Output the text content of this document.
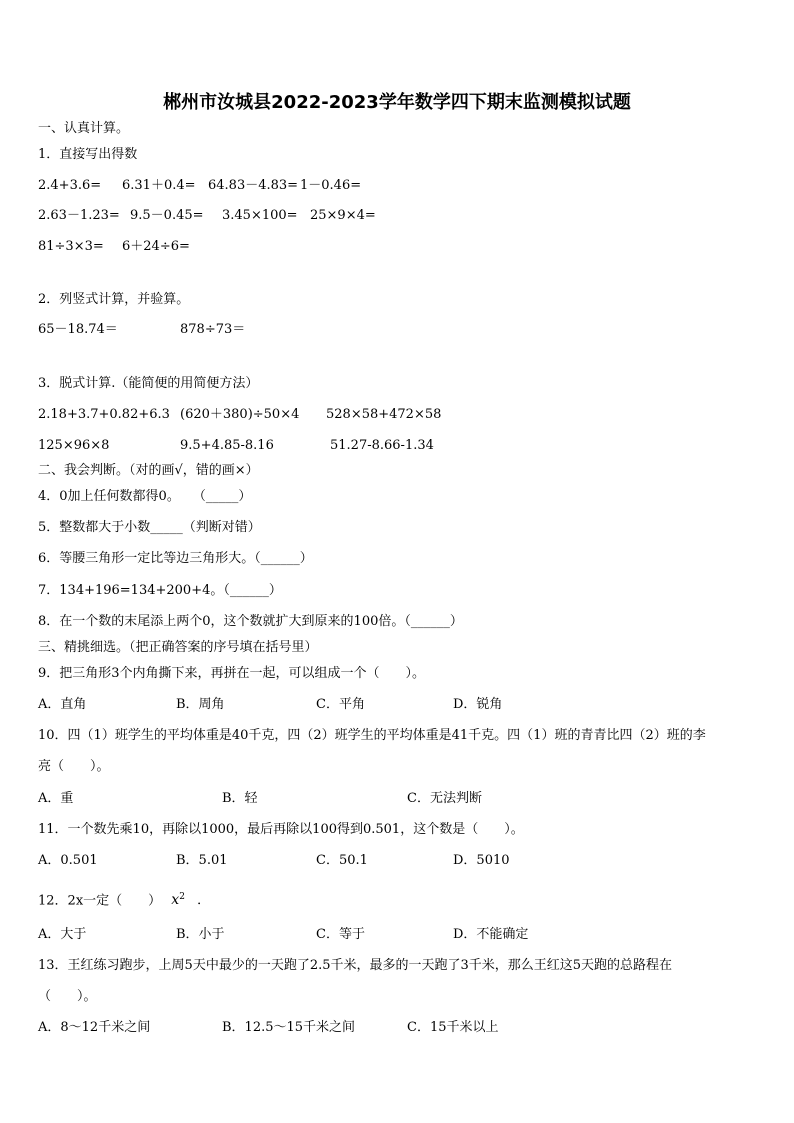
郴州市汝城县2022-2023学年数学四下期末监测模拟试题
一、认真计算。
1．直接写出得数
2.4+3.6= 6.31＋0.4= 64.83－4.83= 1－0.46=
2.63－1.23= 9.5－0.45= 3.45×100= 25×9×4=
81÷3×3= 6＋24÷6=
2．列竖式计算，并验算。
65－18.74＝	878÷73＝
3．脱式计算.（能简便的用简便方法）
2.18+3.7+0.82+6.3 (620＋380)÷50×4 528×58+472×58
125×96×8	9.5+4.85-8.16	51.27-8.66-1.34
二、我会判断。（对的画√，错的画×）
4．0加上任何数都得0。　　（_____）
5．整数都大于小数_____（判断对错）
6．等腰三角形一定比等边三角形大。（______）
7．134+196=134+200+4。（______）
8．在一个数的末尾添上两个0，这个数就扩大到原来的100倍。（______）
三、精挑细选。（把正确答案的序号填在括号里）
9．把三角形3个内角撕下来，再拼在一起，可以组成一个（　　）。
A．直角	B．周角	C．平角	D．锐角
10．四（1）班学生的平均体重是40千克，四（2）班学生的平均体重是41千克。四（1）班的青青比四（2）班的李
亮（　　）。
A．重	B．轻	C．无法判断
11．一个数先乘10，再除以1000，最后再除以100得到0.501，这个数是（　　）。
A．0.501	B．5.01	C．50.1	D．5010
12．2x一定（　　） $x^2$ ．
A．大于	B．小于	C．等于	D．不能确定
13．王红练习跑步，上周5天中最少的一天跑了2.5千米，最多的一天跑了3千米，那么王红这5天跑的总路程在
（　　）。
A．8～12千米之间	B．12.5～15千米之间	C．15千米以上
